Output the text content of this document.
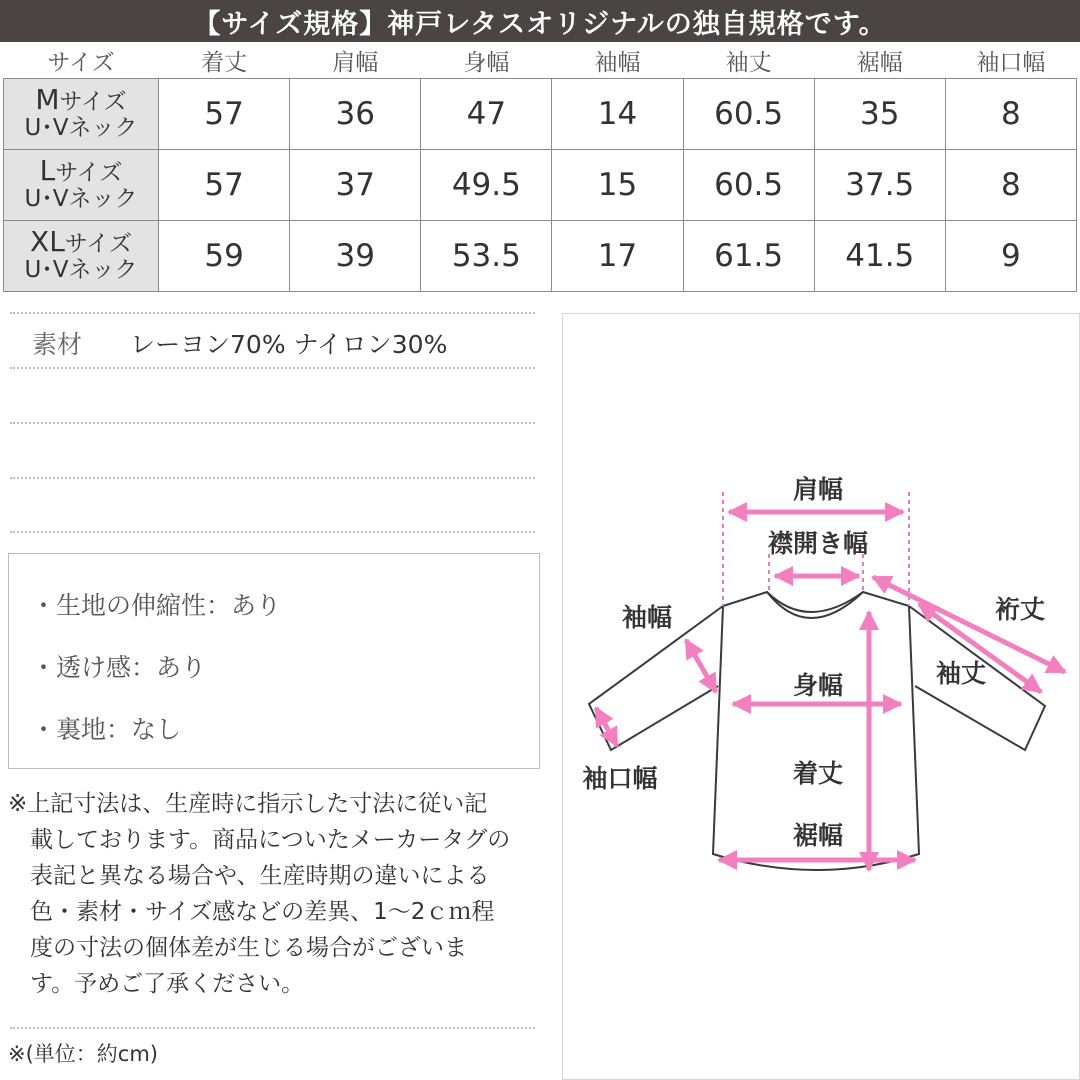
【サイズ規格】神戸レタスオリジナルの独自規格です。
サイズ	着丈	肩幅	身幅	袖幅	袖丈	裾幅	袖口幅
Mサイズ
U･Vネック	57	36	47	14	60.5	35	8
Lサイズ
U･Vネック	57	37	49.5	15	60.5	37.5	8
XLサイズ
U･Vネック	59	39	53.5	17	61.5	41.5	9
素材 レーヨン70% ナイロン30%
・生地の伸縮性：あり
・透け感：あり
・裏地：なし
※上記寸法は、生産時に指示した寸法に従い記
載しております。商品についたメーカータグの
表記と異なる場合や、生産時期の違いによる
色・素材・サイズ感などの差異、1～2ｃｍ程
度の寸法の個体差が生じる場合がございま
す。予めご了承ください。
※(単位：約cm)
肩幅
襟開き幅
裄丈
袖幅
袖丈
身幅
袖口幅	着丈
裾幅
